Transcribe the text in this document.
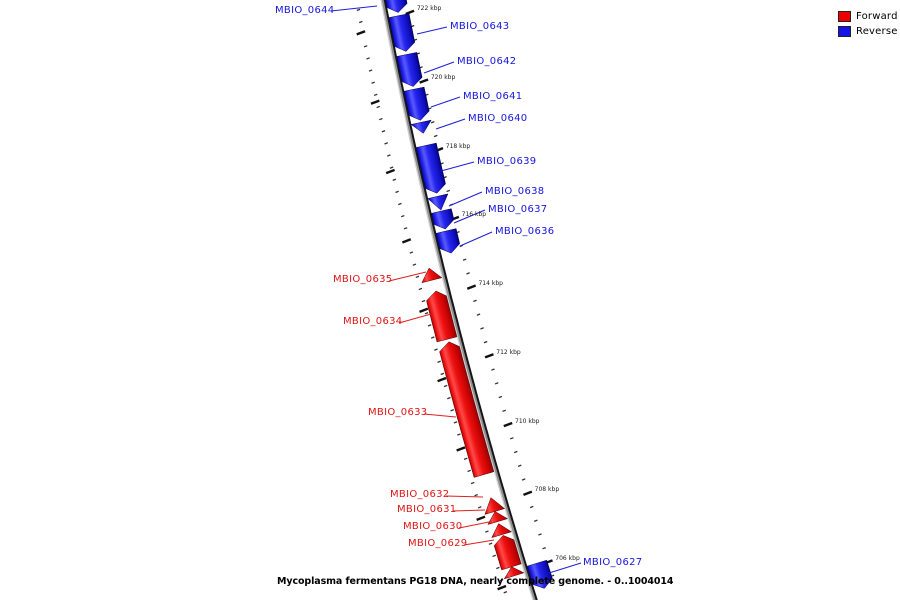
Forward
Reverse
Mycoplasma fermentans PG18 DNA, nearly complete genome. - 0..1004014
722 kbp
720 kbp
718 kbp
716 kbp
714 kbp
712 kbp
710 kbp
708 kbp
706 kbp
MBIO_0644
MBIO_0643
MBIO_0642
MBIO_0641
MBIO_0640
MBIO_0639
MBIO_0638
MBIO_0637
MBIO_0636
MBIO_0635
MBIO_0634
MBIO_0633
MBIO_0632
MBIO_0631
MBIO_0630
MBIO_0629
MBIO_0627
